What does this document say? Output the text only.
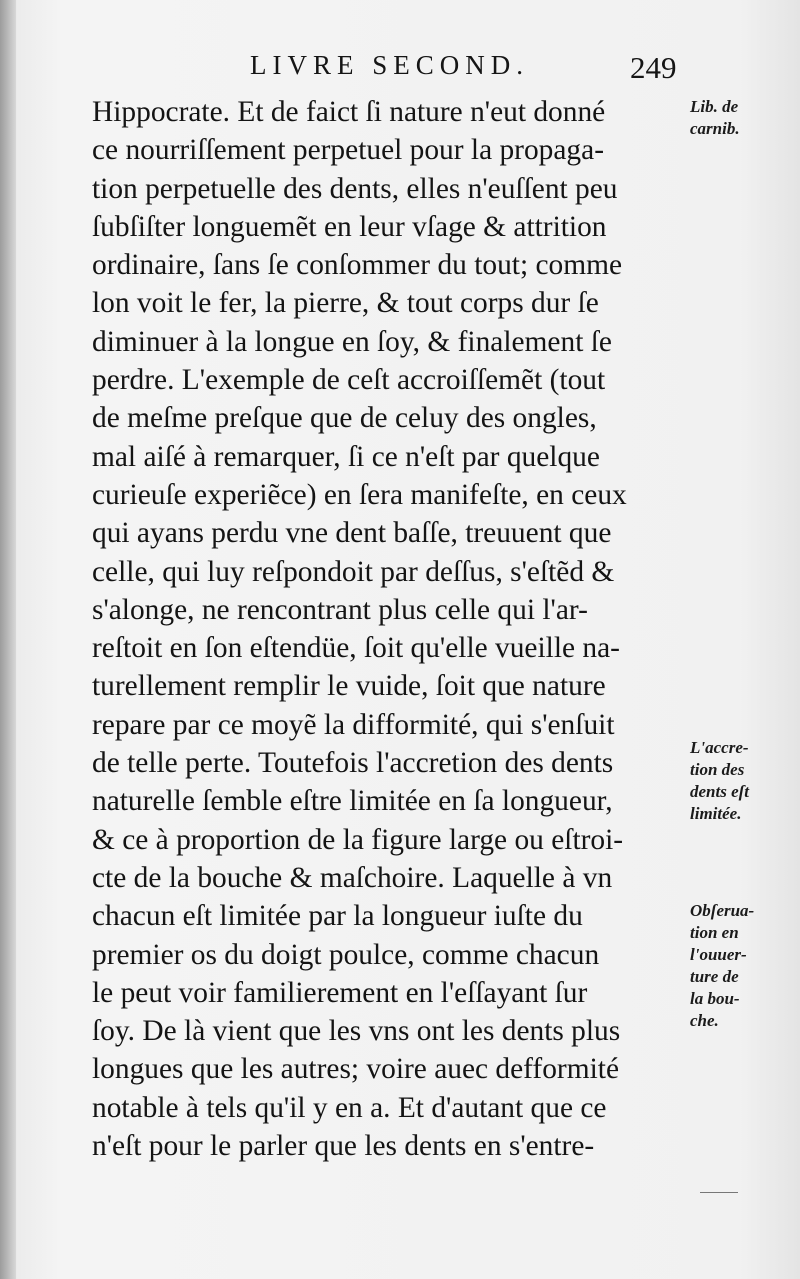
LIVRE SECOND.	249
Hippocrate. Et de faict ſi nature n'eut donné
ce nourriſſement perpetuel pour la propaga-
tion perpetuelle des dents, elles n'euſſent peu
ſubſiſter longuemẽt en leur vſage & attrition
ordinaire, ſans ſe conſommer du tout; comme
lon voit le fer, la pierre, & tout corps dur ſe
diminuer à la longue en ſoy, & finalement ſe
perdre. L'exemple de ceſt accroiſſemẽt (tout
de meſme preſque que de celuy des ongles,
mal aiſé à remarquer, ſi ce n'eſt par quelque
curieuſe experiẽce) en ſera manifeſte, en ceux
qui ayans perdu vne dent baſſe, treuuent que
celle, qui luy reſpondoit par deſſus, s'eſtẽd &
s'alonge, ne rencontrant plus celle qui l'ar-
reſtoit en ſon eſtendüe, ſoit qu'elle vueille na-
turellement remplir le vuide, ſoit que nature
repare par ce moyẽ la difformité, qui s'enſuit
de telle perte. Toutefois l'accretion des dents
naturelle ſemble eſtre limitée en ſa longueur,
& ce à proportion de la figure large ou eſtroi-
cte de la bouche & maſchoire. Laquelle à vn
chacun eſt limitée par la longueur iuſte du
premier os du doigt poulce, comme chacun
le peut voir familierement en l'eſſayant ſur
ſoy. De là vient que les vns ont les dents plus
longues que les autres; voire auec defformité
notable à tels qu'il y en a. Et d'autant que ce
n'eſt pour le parler que les dents en s'entre-
Lib. de
carnib.
L'accre-
tion des
dents eſt
limitée.
Obſerua-
tion en
l'ouuer-
ture de
la bou-
che.
